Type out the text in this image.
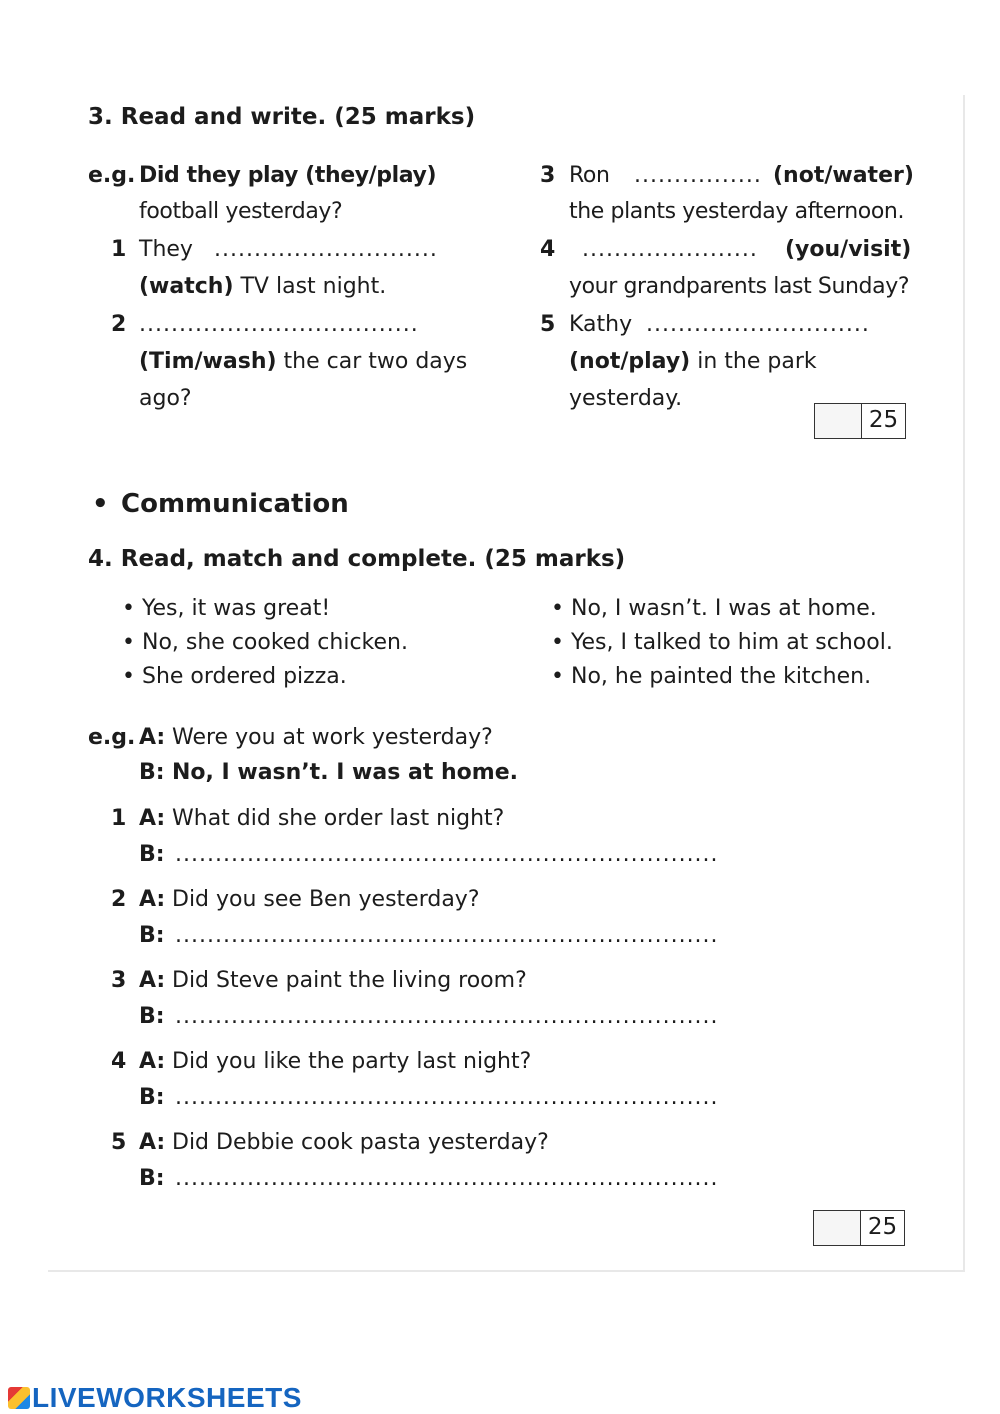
3. Read and write. (25 marks)
e.g. Did they play (they/play)
football yesterday?
1 They ............................
(watch) TV last night.
2 ...................................
(Tim/wash) the car two days
ago?
3 Ron ................ (not/water)
the plants yesterday afternoon.
4 ......................	(you/visit)
your grandparents last Sunday?
5 Kathy ............................
(not/play) in the park
yesterday.
25
• Communication
4. Read, match and complete. (25 marks)
• Yes, it was great!
• No, she cooked chicken.
• She ordered pizza.
• No, I wasn’t. I was at home.
• Yes, I talked to him at school.
• No, he painted the kitchen.
e.g. A: Were you at work yesterday?
B: No, I wasn’t. I was at home.
1 A: What did she order last night?
B: ....................................................................
2 A: Did you see Ben yesterday?
B: ....................................................................
3 A: Did Steve paint the living room?
B: ....................................................................
4 A: Did you like the party last night?
B: ....................................................................
5 A: Did Debbie cook pasta yesterday?
B: ....................................................................
25
LIVEWORKSHEETS
